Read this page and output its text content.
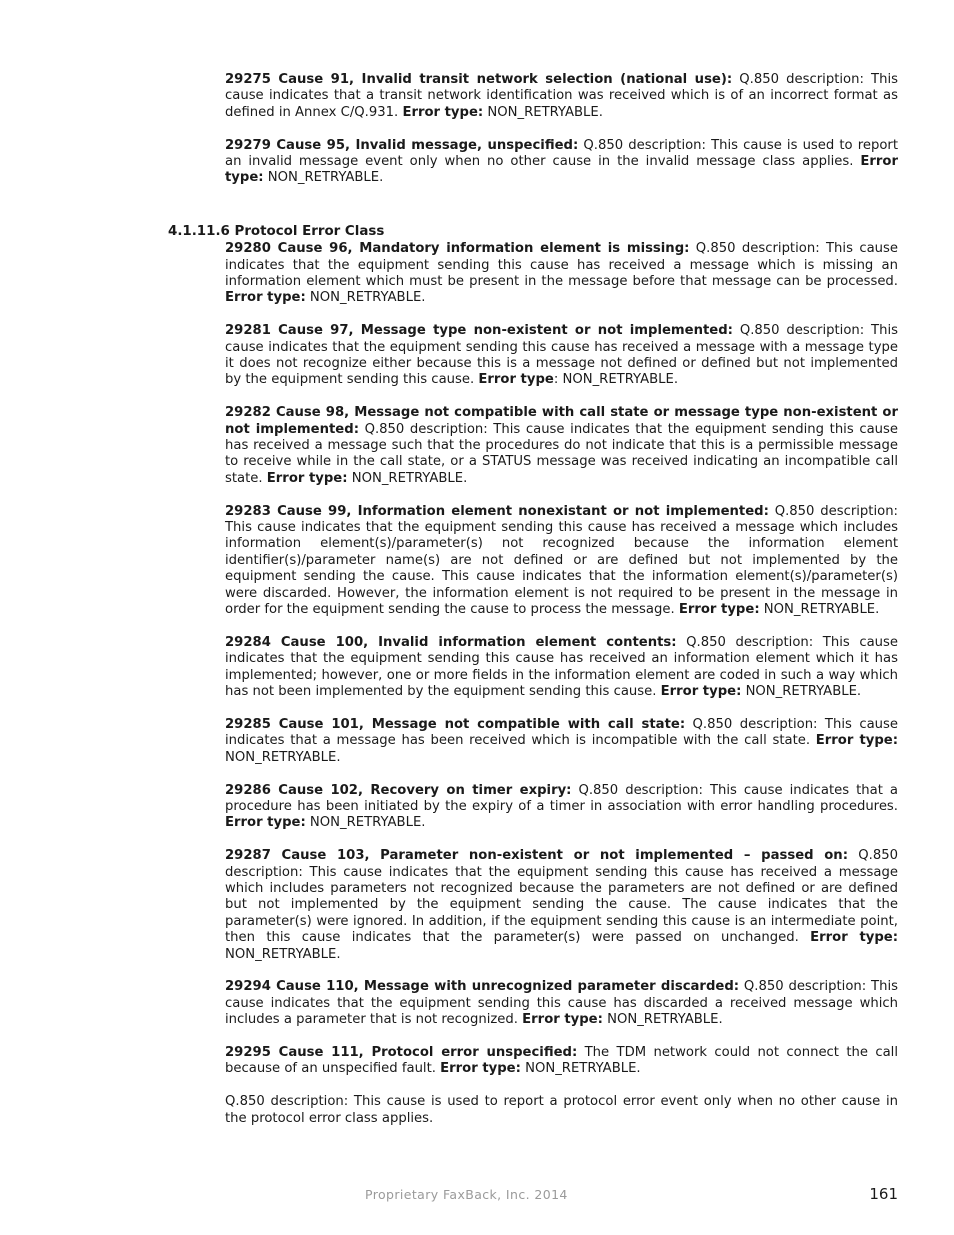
29275 Cause 91, Invalid transit network selection (national use): Q.850 description: This cause indicates that a transit network identification was received which is of an incorrect format as defined in Annex C/Q.931. Error type: NON_RETRYABLE.

29279 Cause 95, Invalid message, unspecified: Q.850 description: This cause is used to report an invalid message event only when no other cause in the invalid message class applies. Error type: NON_RETRYABLE.

4.1.11.6 Protocol Error Class

29280 Cause 96, Mandatory information element is missing: Q.850 description: This cause indicates that the equipment sending this cause has received a message which is missing an information element which must be present in the message before that message can be processed. Error type: NON_RETRYABLE.

29281 Cause 97, Message type non-existent or not implemented: Q.850 description: This cause indicates that the equipment sending this cause has received a message with a message type it does not recognize either because this is a message not defined or defined but not implemented by the equipment sending this cause. Error type: NON_RETRYABLE.

29282 Cause 98, Message not compatible with call state or message type non-existent or not implemented: Q.850 description: This cause indicates that the equipment sending this cause has received a message such that the procedures do not indicate that this is a permissible message to receive while in the call state, or a STATUS message was received indicating an incompatible call state. Error type: NON_RETRYABLE.

29283 Cause 99, Information element nonexistant or not implemented: Q.850 description: This cause indicates that the equipment sending this cause has received a message which includes information element(s)/parameter(s) not recognized because the information element identifier(s)/parameter name(s) are not defined or are defined but not implemented by the equipment sending the cause. This cause indicates that the information element(s)/parameter(s) were discarded. However, the information element is not required to be present in the message in order for the equipment sending the cause to process the message. Error type: NON_RETRYABLE.

29284 Cause 100, Invalid information element contents: Q.850 description: This cause indicates that the equipment sending this cause has received an information element which it has implemented; however, one or more fields in the information element are coded in such a way which has not been implemented by the equipment sending this cause. Error type: NON_RETRYABLE.

29285 Cause 101, Message not compatible with call state: Q.850 description: This cause indicates that a message has been received which is incompatible with the call state. Error type: NON_RETRYABLE.

29286 Cause 102, Recovery on timer expiry: Q.850 description: This cause indicates that a procedure has been initiated by the expiry of a timer in association with error handling procedures. Error type: NON_RETRYABLE.

29287 Cause 103, Parameter non-existent or not implemented – passed on: Q.850 description: This cause indicates that the equipment sending this cause has received a message which includes parameters not recognized because the parameters are not defined or are defined but not implemented by the equipment sending the cause. The cause indicates that the parameter(s) were ignored. In addition, if the equipment sending this cause is an intermediate point, then this cause indicates that the parameter(s) were passed on unchanged. Error type: NON_RETRYABLE.

29294 Cause 110, Message with unrecognized parameter discarded: Q.850 description: This cause indicates that the equipment sending this cause has discarded a received message which includes a parameter that is not recognized. Error type: NON_RETRYABLE.

29295 Cause 111, Protocol error unspecified: The TDM network could not connect the call because of an unspecified fault. Error type: NON_RETRYABLE.

Q.850 description: This cause is used to report a protocol error event only when no other cause in the protocol error class applies.

Proprietary FaxBack, Inc. 2014	161
